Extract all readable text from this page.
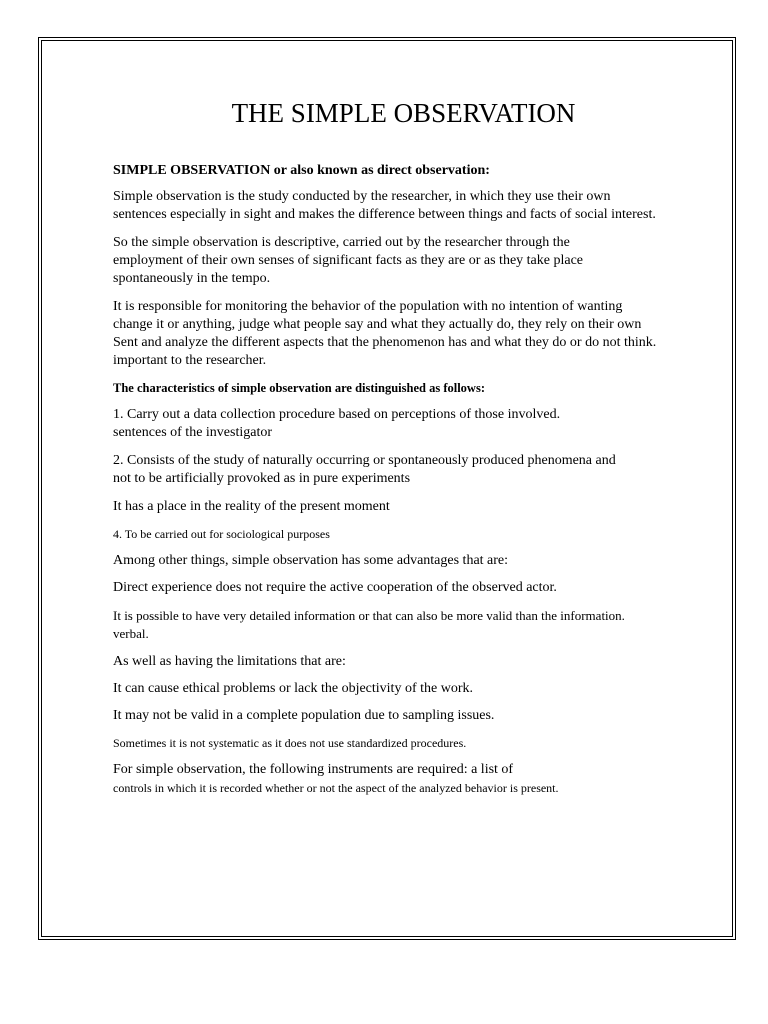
THE SIMPLE OBSERVATION

SIMPLE OBSERVATION or also known as direct observation:

Simple observation is the study conducted by the researcher, in which they use their own
sentences especially in sight and makes the difference between things and facts of social interest.

So the simple observation is descriptive, carried out by the researcher through the
employment of their own senses of significant facts as they are or as they take place
spontaneously in the tempo.

It is responsible for monitoring the behavior of the population with no intention of wanting
change it or anything, judge what people say and what they actually do, they rely on their own
Sent and analyze the different aspects that the phenomenon has and what they do or do not think.
important to the researcher.

The characteristics of simple observation are distinguished as follows:

1. Carry out a data collection procedure based on perceptions of those involved.
sentences of the investigator

2. Consists of the study of naturally occurring or spontaneously produced phenomena and
not to be artificially provoked as in pure experiments

It has a place in the reality of the present moment

4. To be carried out for sociological purposes

Among other things, simple observation has some advantages that are:

Direct experience does not require the active cooperation of the observed actor.

It is possible to have very detailed information or that can also be more valid than the information.
verbal.

As well as having the limitations that are:

It can cause ethical problems or lack the objectivity of the work.

It may not be valid in a complete population due to sampling issues.

Sometimes it is not systematic as it does not use standardized procedures.

For simple observation, the following instruments are required: a list of
controls in which it is recorded whether or not the aspect of the analyzed behavior is present.
